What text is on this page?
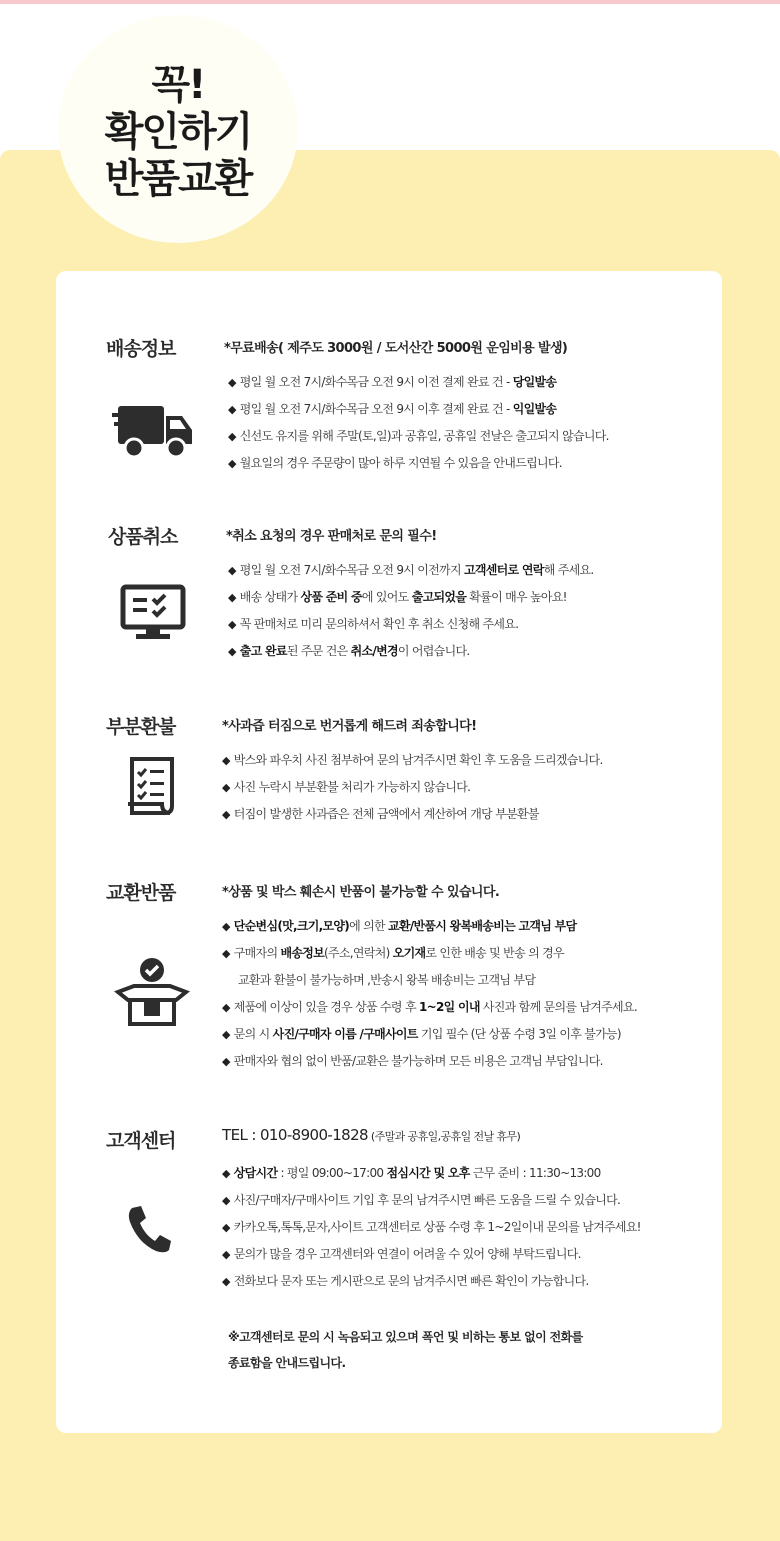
꼭!
확인하기
반품교환
배송정보	*무료배송( 제주도 3000원 / 도서산간 5000원 운임비용 발생)
◆ 평일 월 오전 7시/화수목금 오전 9시 이전 결제 완료 건 - 당일발송
◆ 평일 월 오전 7시/화수목금 오전 9시 이후 결제 완료 건 - 익일발송
◆ 신선도 유지를 위해 주말(토,일)과 공휴일, 공휴일 전날은 출고되지 않습니다.
◆ 월요일의 경우 주문량이 많아 하루 지연될 수 있음을 안내드립니다.
상품취소	*취소 요청의 경우 판매처로 문의 필수!
◆ 평일 월 오전 7시/화수목금 오전 9시 이전까지 고객센터로 연락해 주세요.
◆ 배송 상태가 상품 준비 중에 있어도 출고되었을 확률이 매우 높아요!
◆ 꼭 판매처로 미리 문의하셔서 확인 후 취소 신청해 주세요.
◆ 출고 완료된 주문 건은 취소/변경이 어렵습니다.
부분환불	*사과즙 터짐으로 번거롭게 해드려 죄송합니다!
◆ 박스와 파우치 사진 첨부하여 문의 남겨주시면 확인 후 도움을 드리겠습니다.
◆ 사진 누락시 부분환불 처리가 가능하지 않습니다.
◆ 터짐이 발생한 사과즙은 전체 금액에서 계산하여 개당 부분환불
교환반품	*상품 및 박스 훼손시 반품이 불가능할 수 있습니다.
◆ 단순변심(맛,크기,모양)에 의한 교환/반품시 왕복배송비는 고객님 부담
◆ 구매자의 배송정보(주소,연락처) 오기재로 인한 배송 및 반송 의 경우
교환과 환불이 불가능하며 ,반송시 왕복 배송비는 고객님 부담
◆ 제품에 이상이 있을 경우 상품 수령 후 1~2일 이내 사진과 함께 문의를 남겨주세요.
◆ 문의 시 사진/구매자 이름 /구매사이트 기입 필수 (단 상품 수령 3일 이후 불가능)
◆ 판매자와 협의 없이 반품/교환은 불가능하며 모든 비용은 고객님 부담입니다.
고객센터	TEL : 010-8900-1828 (주말과 공휴일,공휴일 전날 휴무)
◆ 상담시간 : 평일 09:00~17:00 점심시간 및 오후 근무 준비 : 11:30~13:00
◆ 사진/구매자/구매사이트 기입 후 문의 남겨주시면 빠른 도움을 드릴 수 있습니다.
◆ 카카오톡,톡톡,문자,사이트 고객센터로 상품 수령 후 1~2일이내 문의를 남겨주세요!
◆ 문의가 많을 경우 고객센터와 연결이 어려울 수 있어 양해 부탁드립니다.
◆ 전화보다 문자 또는 게시판으로 문의 남겨주시면 빠른 확인이 가능합니다.
※고객센터로 문의 시 녹음되고 있으며 폭언 및 비하는 통보 없이 전화를
종료함을 안내드립니다.
